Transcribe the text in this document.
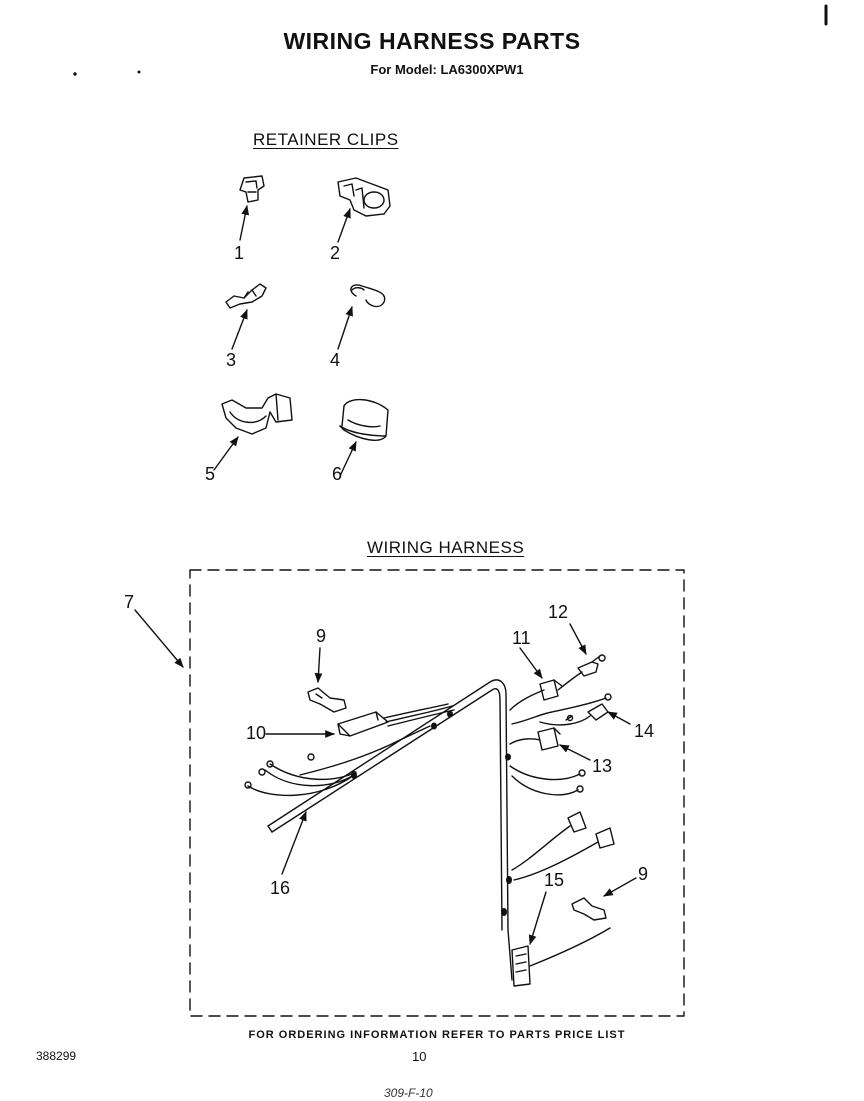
WIRING HARNESS PARTS
For Model: LA6300XPW1
RETAINER CLIPS
WIRING HARNESS
1	2
3	4
5	6
7
9
10
11
12
13
14
15	9
16
FOR ORDERING INFORMATION REFER TO PARTS PRICE LIST
388299	10
309-F-10
